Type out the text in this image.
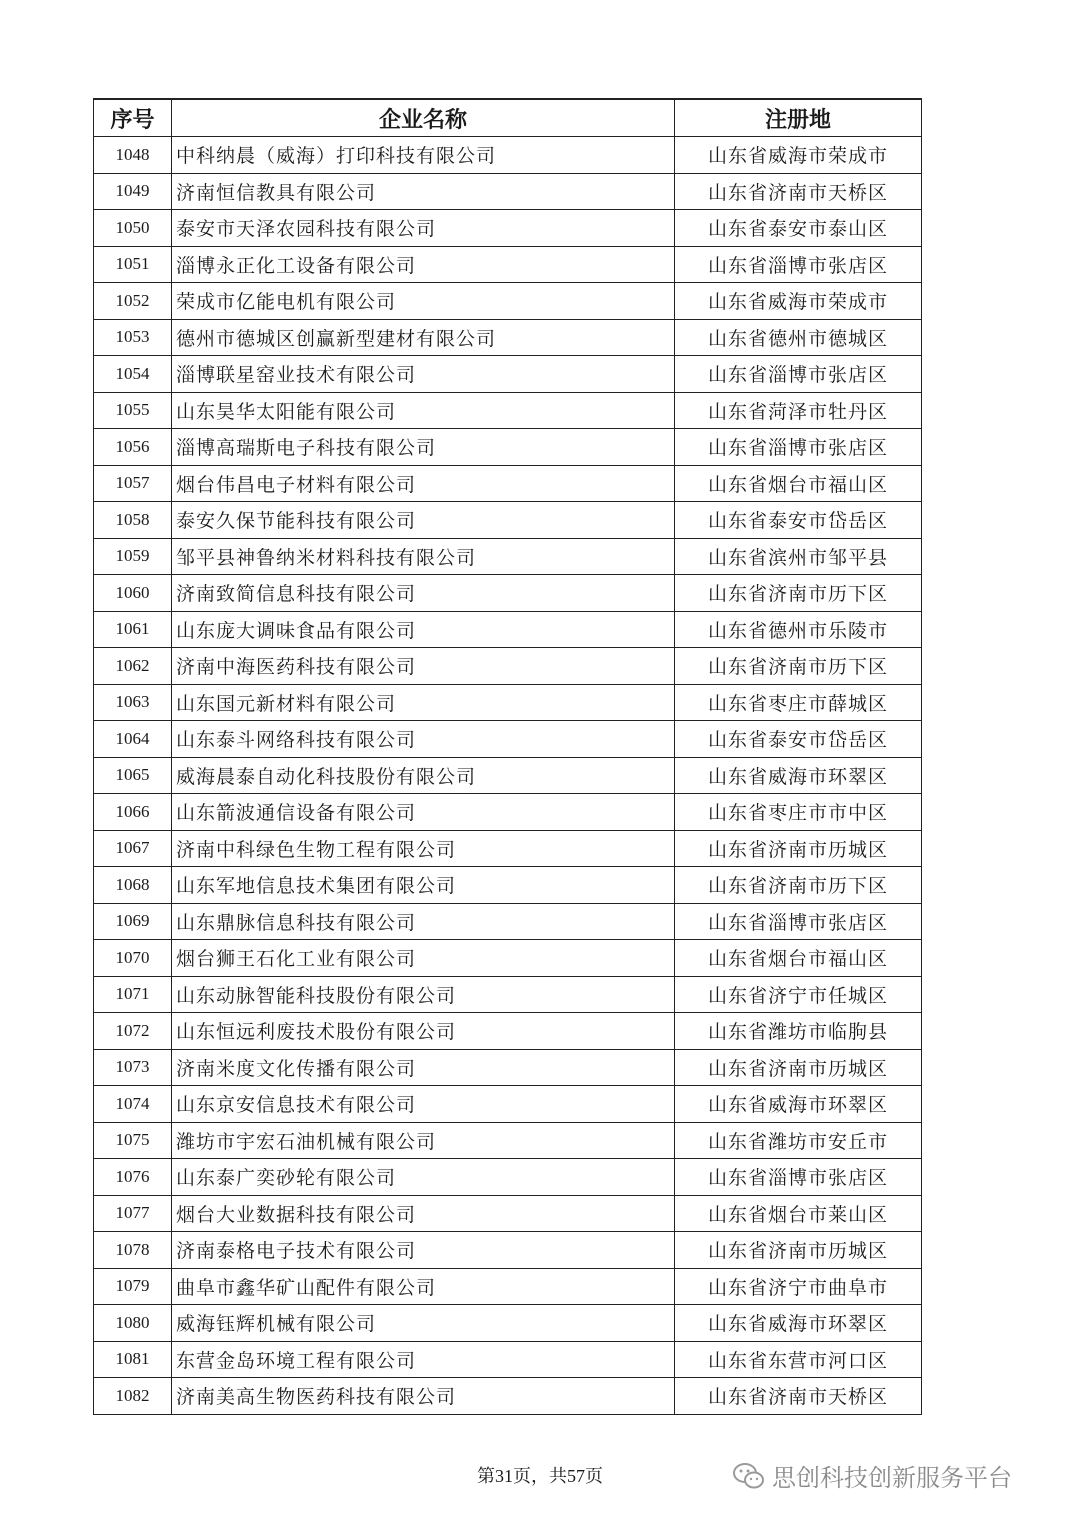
序号	企业名称	注册地
1048	中科纳晨（威海）打印科技有限公司	山东省威海市荣成市
1049	济南恒信教具有限公司	山东省济南市天桥区
1050	泰安市天泽农园科技有限公司	山东省泰安市泰山区
1051	淄博永正化工设备有限公司	山东省淄博市张店区
1052	荣成市亿能电机有限公司	山东省威海市荣成市
1053	德州市德城区创赢新型建材有限公司	山东省德州市德城区
1054	淄博联星窑业技术有限公司	山东省淄博市张店区
1055	山东昊华太阳能有限公司	山东省菏泽市牡丹区
1056	淄博高瑞斯电子科技有限公司	山东省淄博市张店区
1057	烟台伟昌电子材料有限公司	山东省烟台市福山区
1058	泰安久保节能科技有限公司	山东省泰安市岱岳区
1059	邹平县神鲁纳米材料科技有限公司	山东省滨州市邹平县
1060	济南致简信息科技有限公司	山东省济南市历下区
1061	山东庞大调味食品有限公司	山东省德州市乐陵市
1062	济南中海医药科技有限公司	山东省济南市历下区
1063	山东国元新材料有限公司	山东省枣庄市薛城区
1064	山东泰斗网络科技有限公司	山东省泰安市岱岳区
1065	威海晨泰自动化科技股份有限公司	山东省威海市环翠区
1066	山东箭波通信设备有限公司	山东省枣庄市市中区
1067	济南中科绿色生物工程有限公司	山东省济南市历城区
1068	山东军地信息技术集团有限公司	山东省济南市历下区
1069	山东鼎脉信息科技有限公司	山东省淄博市张店区
1070	烟台狮王石化工业有限公司	山东省烟台市福山区
1071	山东动脉智能科技股份有限公司	山东省济宁市任城区
1072	山东恒远利废技术股份有限公司	山东省潍坊市临朐县
1073	济南米度文化传播有限公司	山东省济南市历城区
1074	山东京安信息技术有限公司	山东省威海市环翠区
1075	潍坊市宇宏石油机械有限公司	山东省潍坊市安丘市
1076	山东泰广奕砂轮有限公司	山东省淄博市张店区
1077	烟台大业数据科技有限公司	山东省烟台市莱山区
1078	济南泰格电子技术有限公司	山东省济南市历城区
1079	曲阜市鑫华矿山配件有限公司	山东省济宁市曲阜市
1080	威海钰辉机械有限公司	山东省威海市环翠区
1081	东营金岛环境工程有限公司	山东省东营市河口区
1082	济南美高生物医药科技有限公司	山东省济南市天桥区
第31页，共57页	思创科技创新服务平台
